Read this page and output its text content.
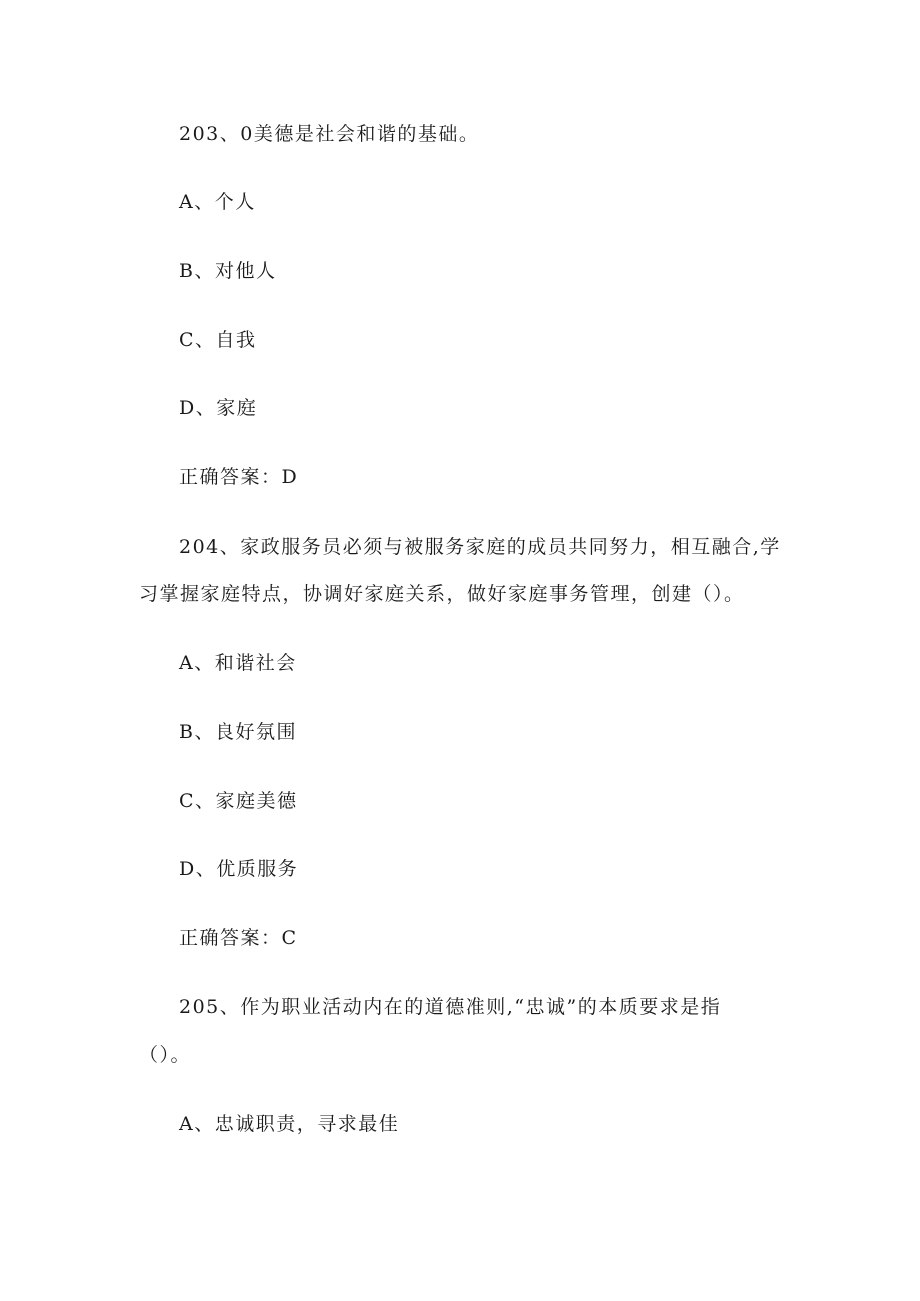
203、0美德是社会和谐的基础。
A、个人
B、对他人
C、自我
D、家庭
正确答案：D
204、家政服务员必须与被服务家庭的成员共同努力，相互融合,学
习掌握家庭特点，协调好家庭关系，做好家庭事务管理，创建（）。
A、和谐社会
B、良好氛围
C、家庭美德
D、优质服务
正确答案：C
205、作为职业活动内在的道德准则,“忠诚”的本质要求是指
（）。
A、忠诚职责，寻求最佳
